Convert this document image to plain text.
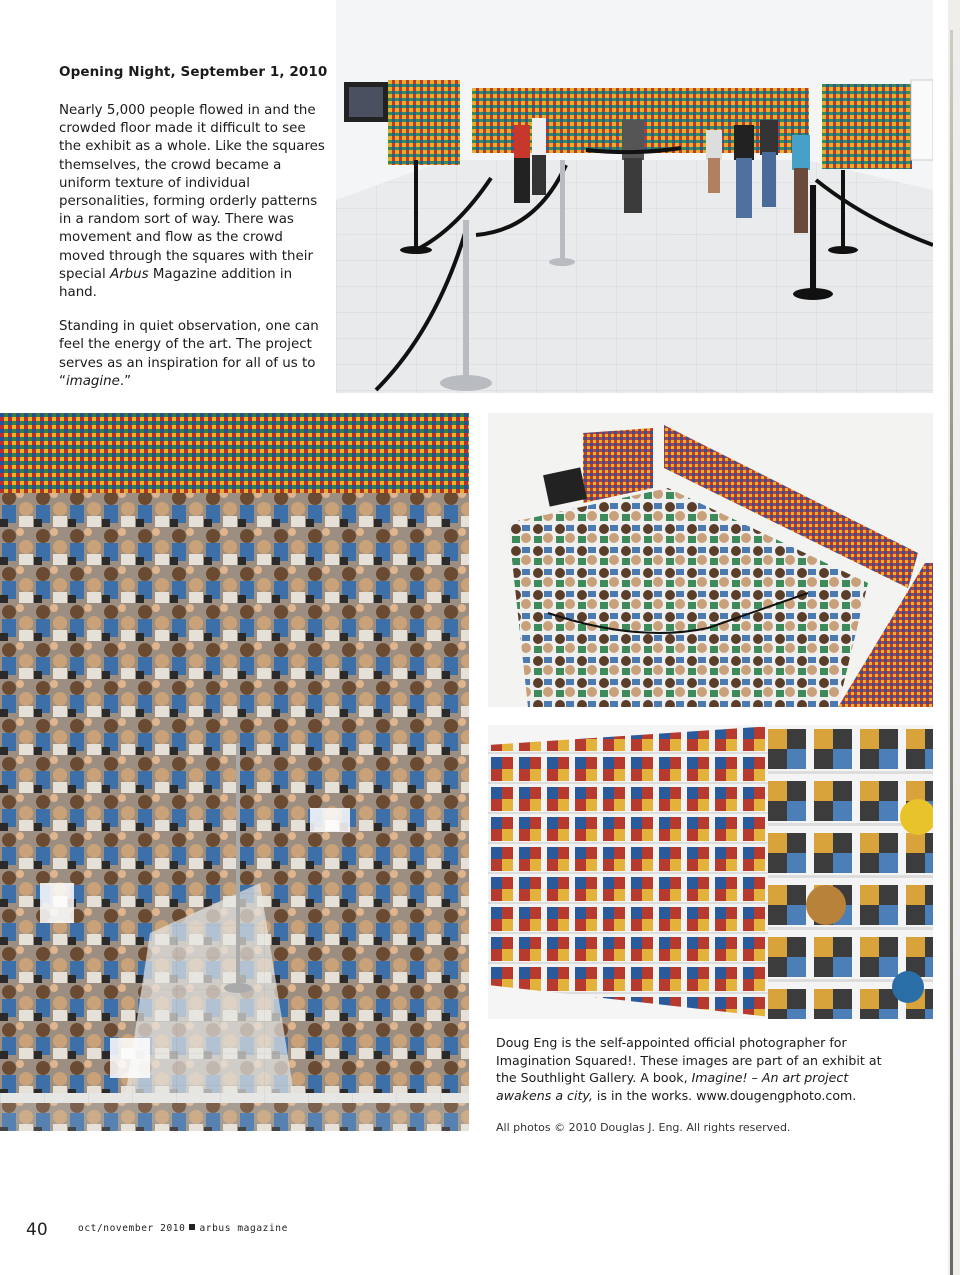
Opening Night, September 1, 2010

Nearly 5,000 people flowed in and the crowded floor made it difficult to see the exhibit as a whole. Like the squares themselves, the crowd became a uniform texture of individual personalities, forming orderly patterns in a random sort of way. There was movement and flow as the crowd moved through the squares with their special Arbus Magazine addition in hand.

Standing in quiet observation, one can feel the energy of the art. The project serves as an inspiration for all of us to “imagine.”

Doug Eng is the self-appointed official photographer for Imagination Squared!. These images are part of an exhibit at the Southlight Gallery. A book, Imagine! – An art project awakens a city, is in the works. www.dougengphoto.com.
All photos © 2010 Douglas J. Eng. All rights reserved.
40	oct/november 2010 arbus magazine
